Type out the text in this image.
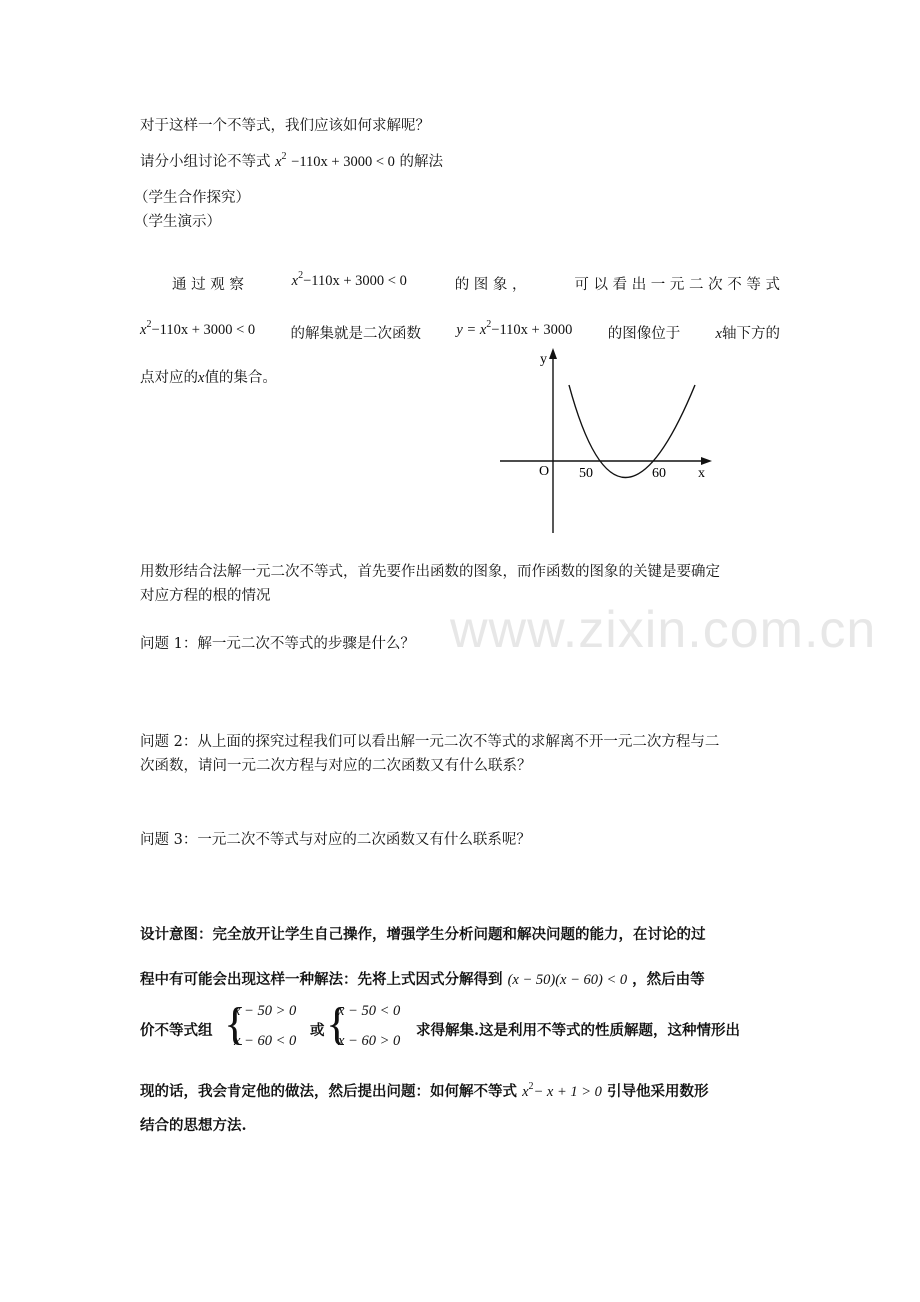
www.zixin.com.cn
对于这样一个不等式，我们应该如何求解呢？
请分小组讨论不等式 $x^2 -110x + 3000 < 0$ 的解法
（学生合作探究）
（学生演示）
通 过 观 察	$x^2-110x + 3000 < 0$	的 图 象 ，	可 以 看 出 一 元 二 次 不 等 式
$x^2-110x + 3000 < 0$ 的解集就是二次函数 $y = x^2-110x + 3000$ 的图像位于 x轴下方的
点对应的x值的集合。
y
x
O 50	60
用数形结合法解一元二次不等式，首先要作出函数的图象，而作函数的图象的关键是要确定
对应方程的根的情况
问题 1：解一元二次不等式的步骤是什么？
问题 2：从上面的探究过程我们可以看出解一元二次不等式的求解离不开一元二次方程与二
次函数，请问一元二次方程与对应的二次函数又有什么联系？
问题 3：一元二次不等式与对应的二次函数又有什么联系呢？
设计意图：完全放开让学生自己操作，增强学生分析问题和解决问题的能力，在讨论的过
程中有可能会出现这样一种解法：先将上式因式分解得到 (x − 50)(x − 60) < 0 ，然后由等
价不等式组 {
x − 50 > 0
x − 60 < 0
或 {
x − 50 < 0
x − 60 > 0
求得解集.这是利用不等式的性质解题，这种情形出
现的话，我会肯定他的做法，然后提出问题：如何解不等式 $x^2- x + 1 > 0$ 引导他采用数形
结合的思想方法.
